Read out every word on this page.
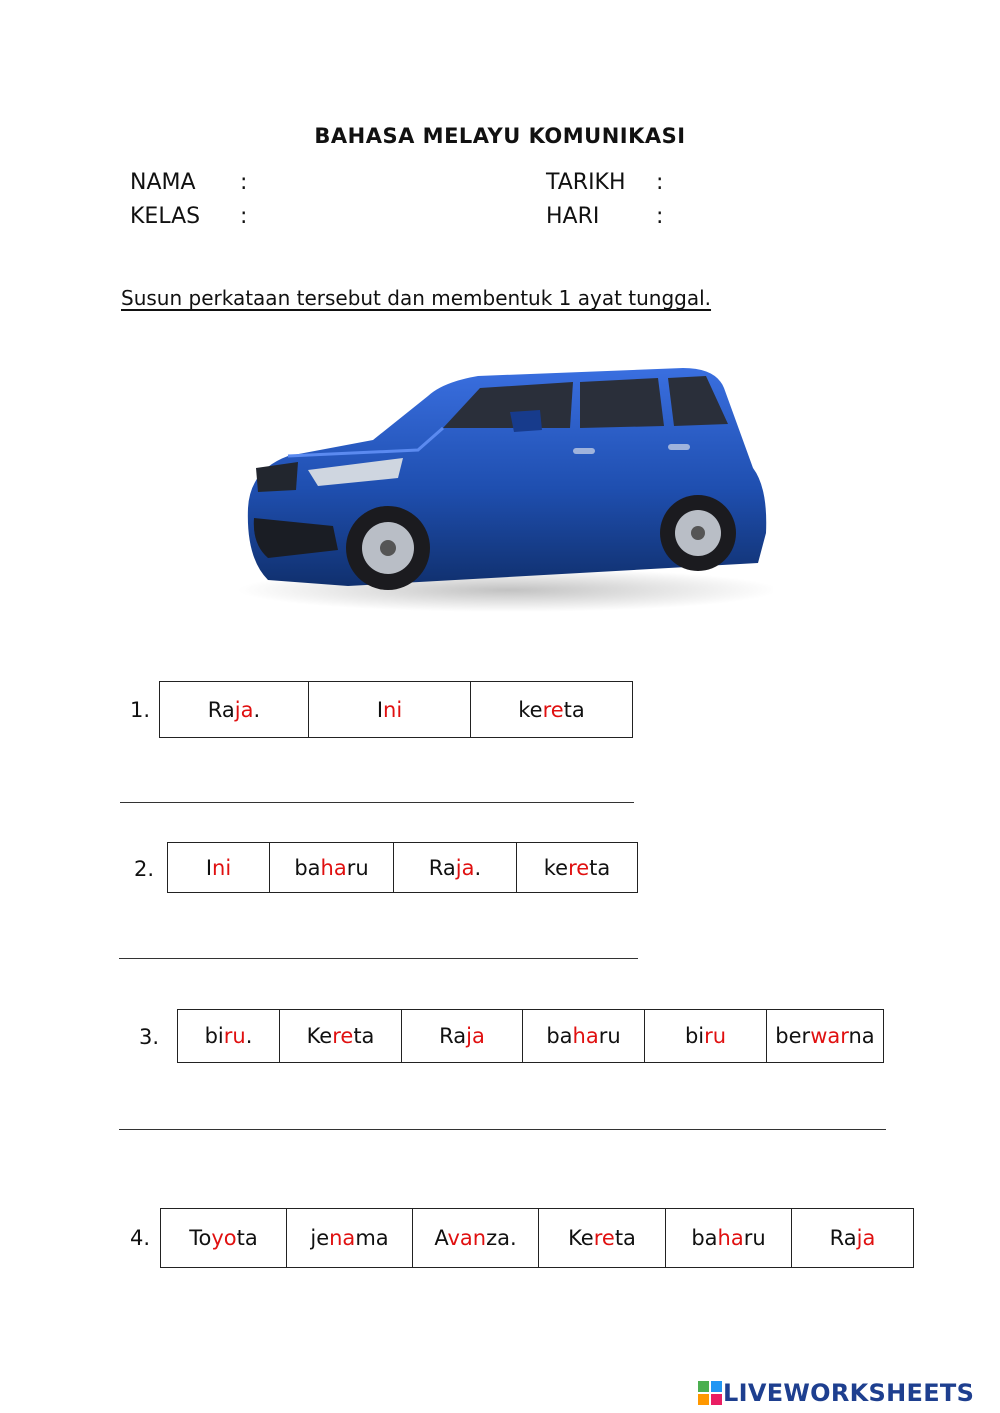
BAHASA MELAYU KOMUNIKASI
NAMA :
KELAS :
TARIKH :
HARI	:
Susun perkataan tersebut dan membentuk 1 ayat tunggal.
1.	Raja.	Ini	kereta
2. Ini	baharu	Raja.	kereta
3. biru.	Kereta	Raja	baharu	biru	berwarna
4. Toyota	jenama	Avanza.	Kereta	baharu	Raja
LIVEWORKSHEETS
